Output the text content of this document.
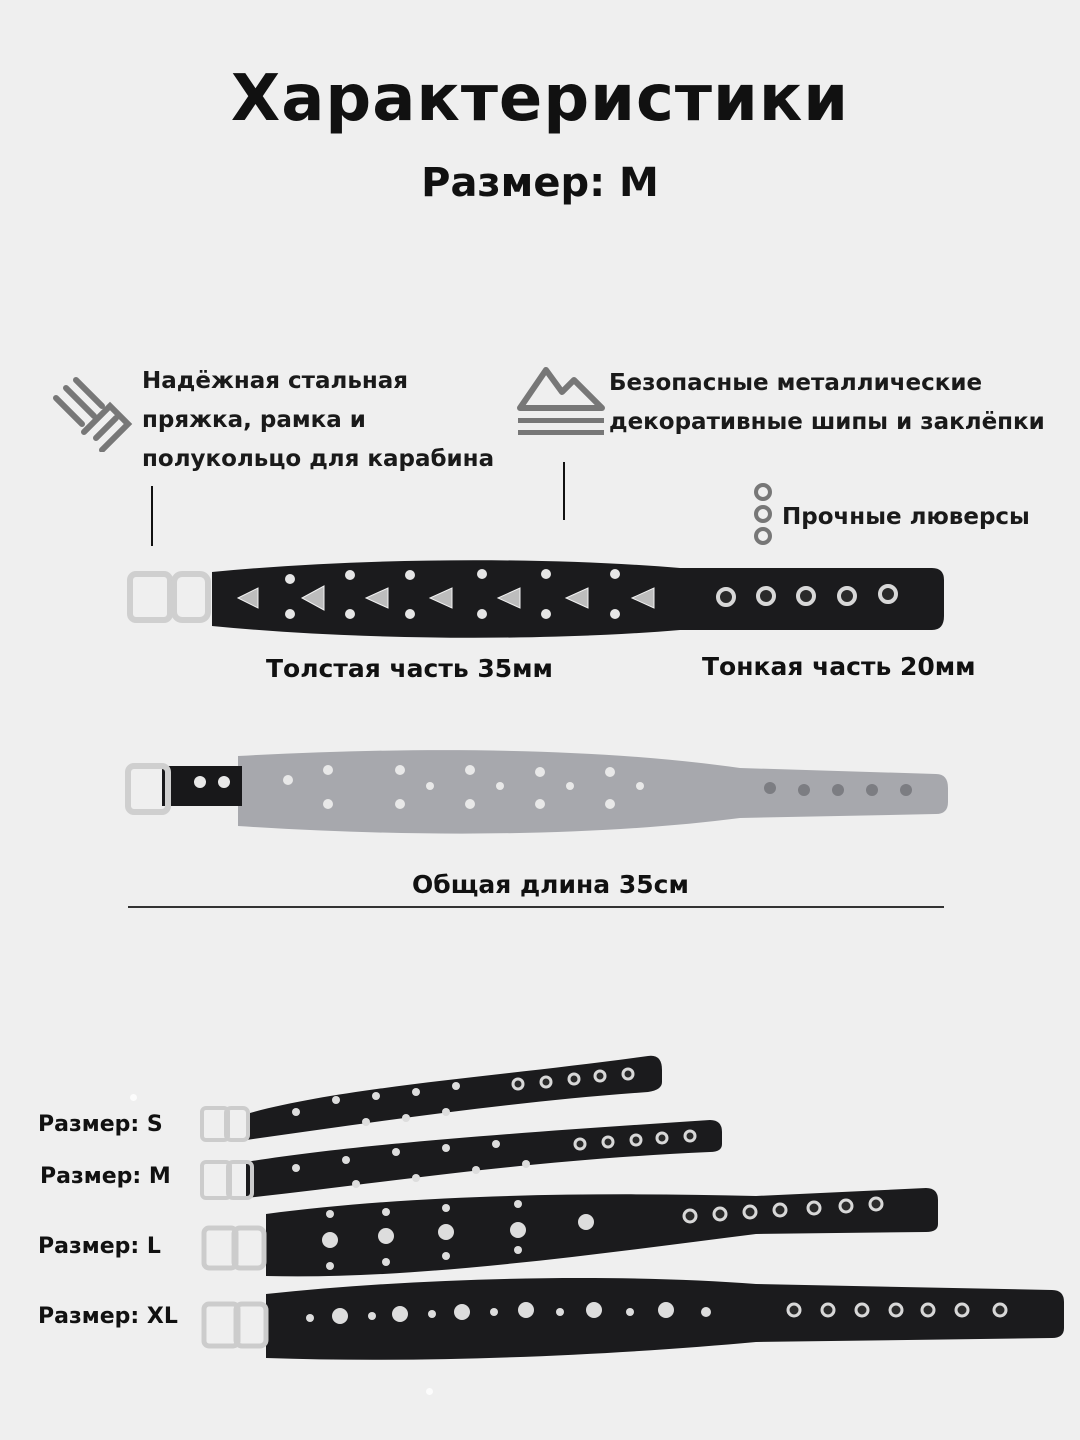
Характеристики
Размер: M
Надёжная стальная
пряжка, рамка и
полукольцо для карабина
Безопасные металлические
декоративные шипы и заклёпки
Прочные люверсы
Толстая часть 35мм	Тонкая часть 20мм
Общая длина 35см
Размер: S
Размер: M
Размер: L
Размер: XL
